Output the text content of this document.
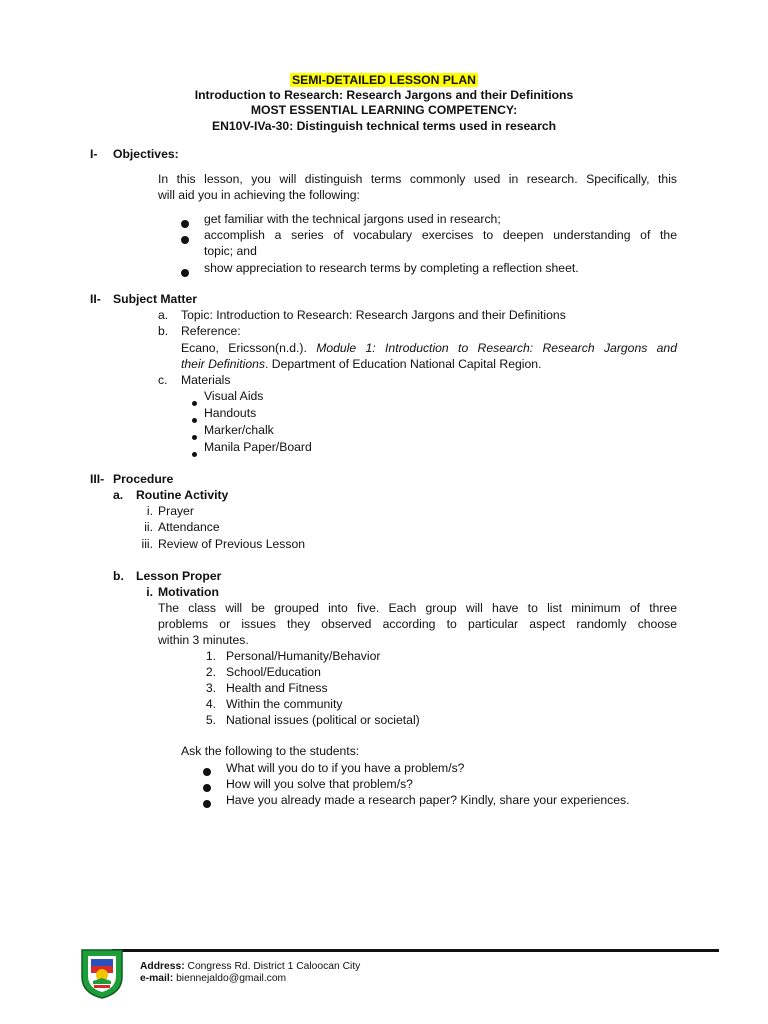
SEMI-DETAILED LESSON PLAN
Introduction to Research: Research Jargons and their Definitions
MOST ESSENTIAL LEARNING COMPETENCY:
EN10V-IVa-30: Distinguish technical terms used in research
I- Objectives:
In this lesson, you will distinguish terms commonly used in research. Specifically, this
will aid you in achieving the following:
get familiar with the technical jargons used in research;
accomplish a series of vocabulary exercises to deepen understanding of the
topic; and
show appreciation to research terms by completing a reflection sheet.
II- Subject Matter
a. Topic: Introduction to Research: Research Jargons and their Definitions
b. Reference:
Ecano, Ericsson(n.d.). Module 1: Introduction to Research: Research Jargons and
their Definitions. Department of Education National Capital Region.
c. Materials
Visual Aids
Handouts
Marker/chalk
Manila Paper/Board
III- Procedure
a. Routine Activity
i. Prayer
ii. Attendance
iii. Review of Previous Lesson
b. Lesson Proper
i. Motivation
The class will be grouped into five. Each group will have to list minimum of three
problems or issues they observed according to particular aspect randomly choose
within 3 minutes.
1. Personal/Humanity/Behavior
2. School/Education
3. Health and Fitness
4. Within the community
5. National issues (political or societal)
Ask the following to the students:
What will you do to if you have a problem/s?
How will you solve that problem/s?
Have you already made a research paper? Kindly, share your experiences.
Address: Congress Rd. District 1 Caloocan City
e-mail: biennejaldo@gmail.com
